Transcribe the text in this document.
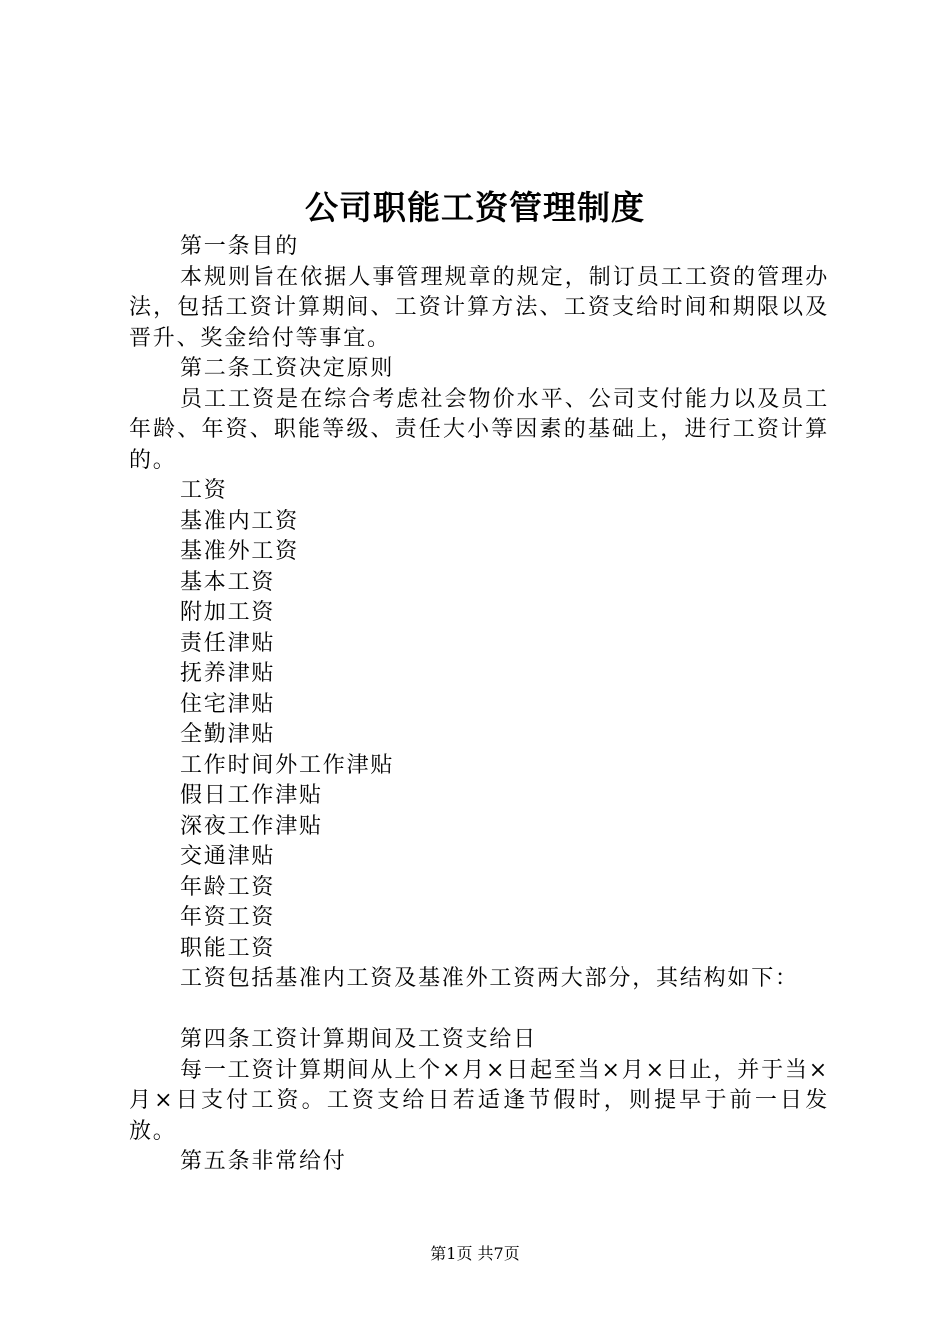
公司职能工资管理制度

第一条目的

本规则旨在依据人事管理规章的规定，制订员工工资的管理办法，包括工资计算期间、工资计算方法、工资支给时间和期限以及晋升、奖金给付等事宜。

第二条工资决定原则

员工工资是在综合考虑社会物价水平、公司支付能力以及员工年龄、年资、职能等级、责任大小等因素的基础上，进行工资计算的。

工资

基准内工资

基准外工资

基本工资

附加工资

责任津贴

抚养津贴

住宅津贴

全勤津贴

工作时间外工作津贴

假日工作津贴

深夜工作津贴

交通津贴

年龄工资

年资工资

职能工资

工资包括基准内工资及基准外工资两大部分，其结构如下：

第四条工资计算期间及工资支给日

每一工资计算期间从上个×月×日起至当×月×日止，并于当×月×日支付工资。工资支给日若适逢节假时，则提早于前一日发放。

第五条非常给付

第1页 共7页
